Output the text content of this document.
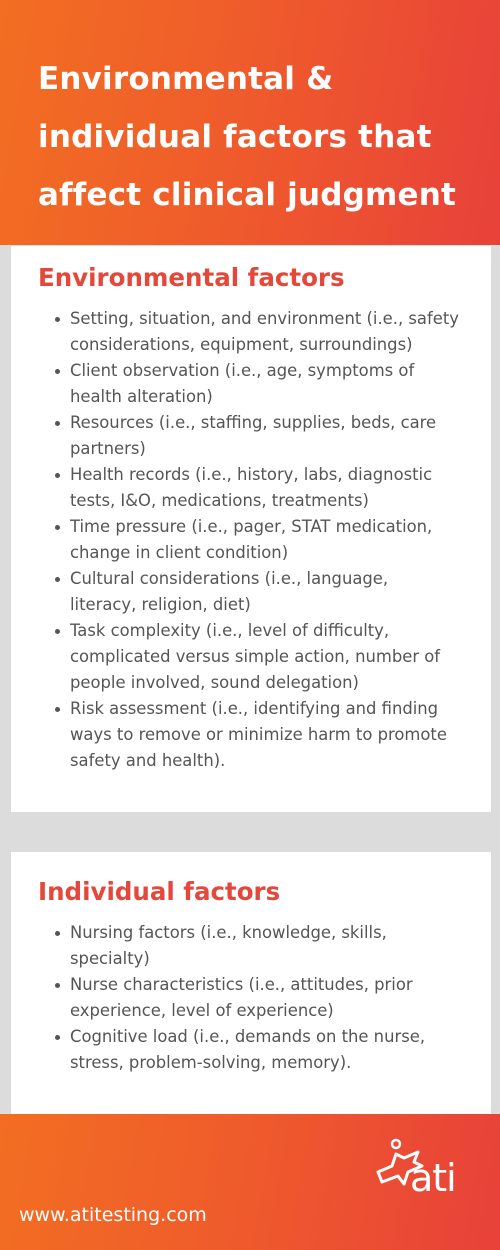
Environmental &
individual factors that
affect clinical judgment
Environmental factors
Setting, situation, and environment (i.e., safety
considerations, equipment, surroundings)
Client observation (i.e., age, symptoms of
health alteration)
Resources (i.e., staffing, supplies, beds, care
partners)
Health records (i.e., history, labs, diagnostic
tests, I&O, medications, treatments)
Time pressure (i.e., pager, STAT medication,
change in client condition)
Cultural considerations (i.e., language,
literacy, religion, diet)
Task complexity (i.e., level of difficulty,
complicated versus simple action, number of
people involved, sound delegation)
Risk assessment (i.e., identifying and finding
ways to remove or minimize harm to promote
safety and health).
Individual factors
Nursing factors (i.e., knowledge, skills,
specialty)
Nurse characteristics (i.e., attitudes, prior
experience, level of experience)
Cognitive load (i.e., demands on the nurse,
stress, problem-solving, memory).
www.atitesting.com
ati
